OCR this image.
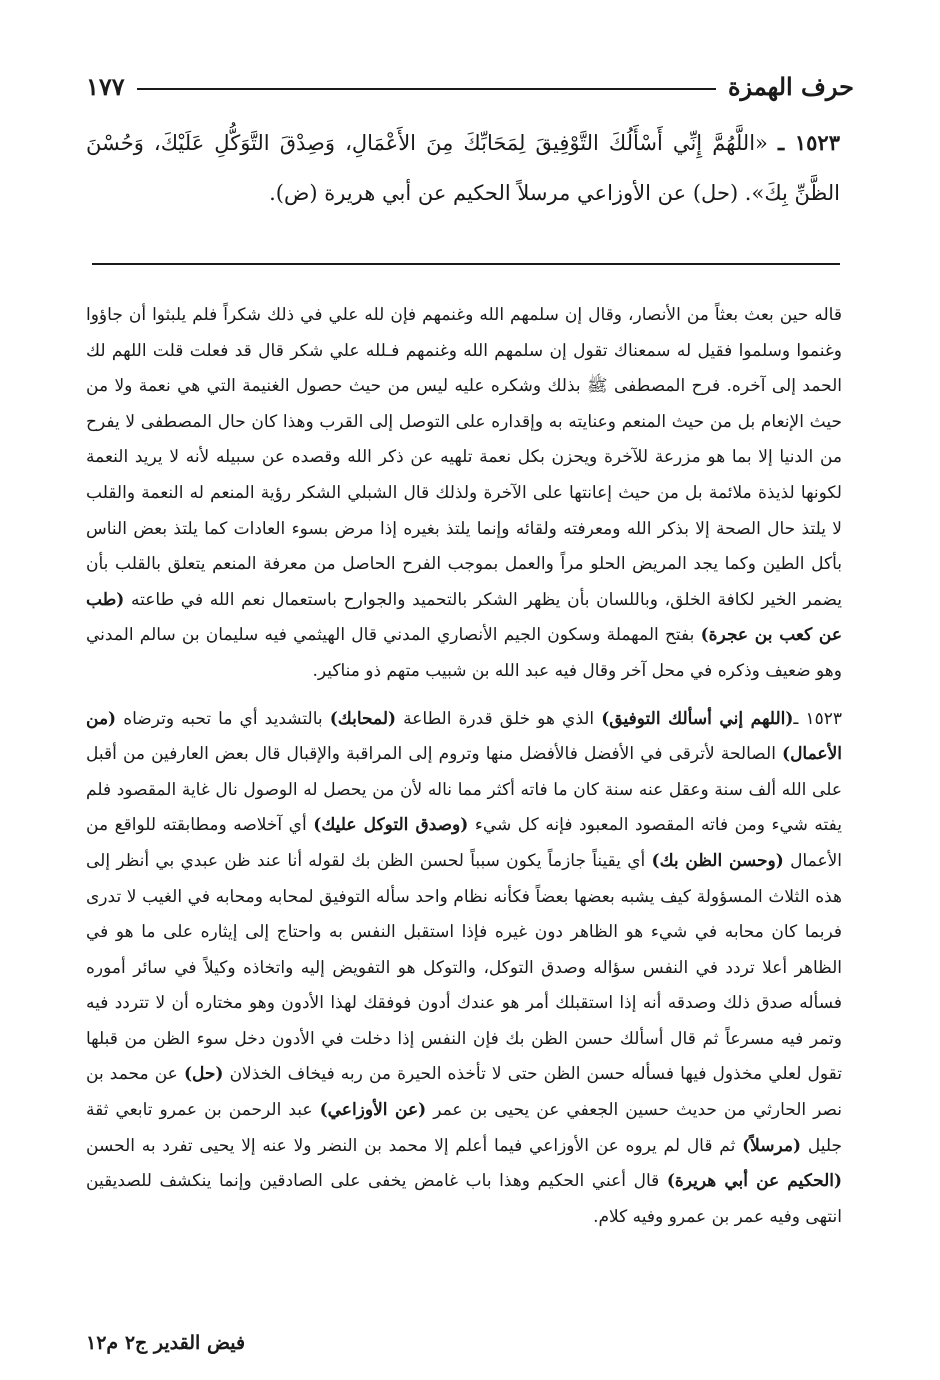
حرف الهمزة
١٧٧
١٥٢٣ ـ «اللَّهُمَّ إِنِّي أَسْأَلُكَ التَّوْفِيقَ لِمَحَابِّكَ مِنَ الأَعْمَالِ، وَصِدْقَ التَّوَكُّلِ عَلَيْكَ، وَحُسْنَ الظَّنِّ بِكَ». (حل) عن الأوزاعي مرسلاً الحكيم عن أبي هريرة (ض).

قاله حين بعث بعثاً من الأنصار، وقال إن سلمهم الله وغنمهم فإن لله علي في ذلك شكراً فلم يلبثوا أن جاؤوا وغنموا وسلموا فقيل له سمعناك تقول إن سلمهم الله وغنمهم فـلله علي شكر قال قد فعلت قلت اللهم لك الحمد إلى آخره. فرح المصطفى ﷺ بذلك وشكره عليه ليس من حيث حصول الغنيمة التي هي نعمة ولا من حيث الإنعام بل من حيث المنعم وعنايته به وإقداره على التوصل إلى القرب وهذا كان حال المصطفى لا يفرح من الدنيا إلا بما هو مزرعة للآخرة ويحزن بكل نعمة تلهيه عن ذكر الله وقصده عن سبيله لأنه لا يريد النعمة لكونها لذيذة ملائمة بل من حيث إعانتها على الآخرة ولذلك قال الشبلي الشكر رؤية المنعم له النعمة والقلب لا يلتذ حال الصحة إلا بذكر الله ومعرفته ولقائه وإنما يلتذ بغيره إذا مرض بسوء العادات كما يلتذ بعض الناس بأكل الطين وكما يجد المريض الحلو مراً والعمل بموجب الفرح الحاصل من معرفة المنعم يتعلق بالقلب بأن يضمر الخير لكافة الخلق، وباللسان بأن يظهر الشكر بالتحميد والجوارح باستعمال نعم الله في طاعته (طب عن كعب بن عجرة) بفتح المهملة وسكون الجيم الأنصاري المدني قال الهيثمي فيه سليمان بن سالم المدني وهو ضعيف وذكره في محل آخر وقال فيه عبد الله بن شبيب متهم ذو مناكير.

١٥٢٣ ـ(اللهم إني أسألك التوفيق) الذي هو خلق قدرة الطاعة (لمحابك) بالتشديد أي ما تحبه وترضاه (من الأعمال) الصالحة لأترقى في الأفضل فالأفضل منها وتروم إلى المراقبة والإقبال قال بعض العارفين من أقبل على الله ألف سنة وعقل عنه سنة كان ما فاته أكثر مما ناله لأن من يحصل له الوصول نال غاية المقصود فلم يفته شيء ومن فاته المقصود المعبود فإنه كل شيء (وصدق التوكل عليك) أي آخلاصه ومطابقته للواقع من الأعمال (وحسن الظن بك) أي يقيناً جازماً يكون سبباً لحسن الظن بك لقوله أنا عند ظن عبدي بي أنظر إلى هذه الثلاث المسؤولة كيف يشبه بعضها بعضاً فكأنه نظام واحد سأله التوفيق لمحابه ومحابه في الغيب لا تدرى فربما كان محابه في شيء هو الظاهر دون غيره فإذا استقبل النفس به واحتاج إلى إيثاره على ما هو في الظاهر أعلا تردد في النفس سؤاله وصدق التوكل، والتوكل هو التفويض إليه واتخاذه وكيلاً في سائر أموره فسأله صدق ذلك وصدقه أنه إذا استقبلك أمر هو عندك أدون فوفقك لهذا الأدون وهو مختاره أن لا تتردد فيه وتمر فيه مسرعاً ثم قال أسألك حسن الظن بك فإن النفس إذا دخلت في الأدون دخل سوء الظن من قبلها تقول لعلي مخذول فيها فسأله حسن الظن حتى لا تأخذه الحيرة من ربه فيخاف الخذلان (حل) عن محمد بن نصر الحارثي من حديث حسين الجعفي عن يحيى بن عمر (عن الأوزاعي) عبد الرحمن بن عمرو تابعي ثقة جليل (مرسلاً) ثم قال لم يروه عن الأوزاعي فيما أعلم إلا محمد بن النضر ولا عنه إلا يحيى تفرد به الحسن (الحكيم عن أبي هريرة) قال أعني الحكيم وهذا باب غامض يخفى على الصادقين وإنما ينكشف للصديقين انتهى وفيه عمر بن عمرو وفيه كلام.

فيض القدير ج٢ م١٢
